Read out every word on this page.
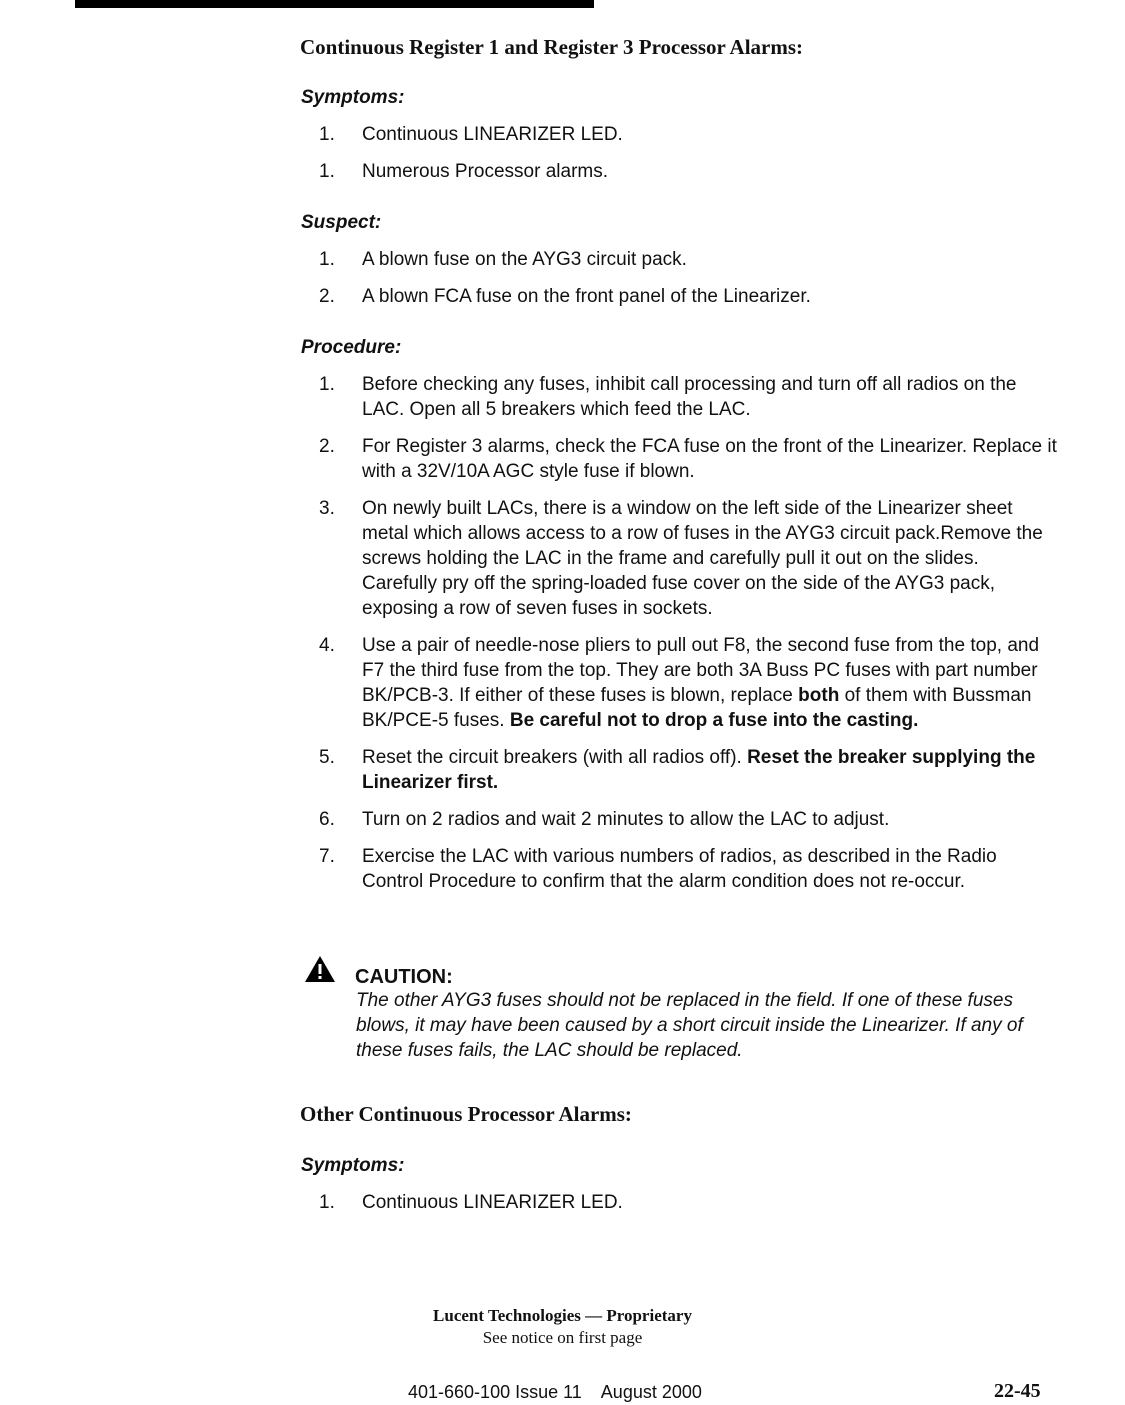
Continuous Register 1 and Register 3 Processor Alarms:

Symptoms:

1. Continuous LINEARIZER LED.
1. Numerous Processor alarms.

Suspect:

1. A blown fuse on the AYG3 circuit pack.
2. A blown FCA fuse on the front panel of the Linearizer.

Procedure:

1. Before checking any fuses, inhibit call processing and turn off all radios on the LAC. Open all 5 breakers which feed the LAC.
2. For Register 3 alarms, check the FCA fuse on the front of the Linearizer. Replace it with a 32V/10A AGC style fuse if blown.
3. On newly built LACs, there is a window on the left side of the Linearizer sheet metal which allows access to a row of fuses in the AYG3 circuit pack.Remove the screws holding the LAC in the frame and carefully pull it out on the slides. Carefully pry off the spring-loaded fuse cover on the side of the AYG3 pack, exposing a row of seven fuses in sockets.
4. Use a pair of needle-nose pliers to pull out F8, the second fuse from the top, and F7 the third fuse from the top. They are both 3A Buss PC fuses with part number BK/PCB-3. If either of these fuses is blown, replace both of them with Bussman BK/PCE-5 fuses. Be careful not to drop a fuse into the casting.
5. Reset the circuit breakers (with all radios off). Reset the breaker supplying the Linearizer first.
6. Turn on 2 radios and wait 2 minutes to allow the LAC to adjust.
7. Exercise the LAC with various numbers of radios, as described in the Radio Control Procedure to confirm that the alarm condition does not re-occur.

CAUTION:

The other AYG3 fuses should not be replaced in the field. If one of these fuses blows, it may have been caused by a short circuit inside the Linearizer. If any of these fuses fails, the LAC should be replaced.

Other Continuous Processor Alarms:

Symptoms:

1. Continuous LINEARIZER LED.
Lucent Technologies — Proprietary
See notice on first page
401-660-100 Issue 11    August 2000	22-45
